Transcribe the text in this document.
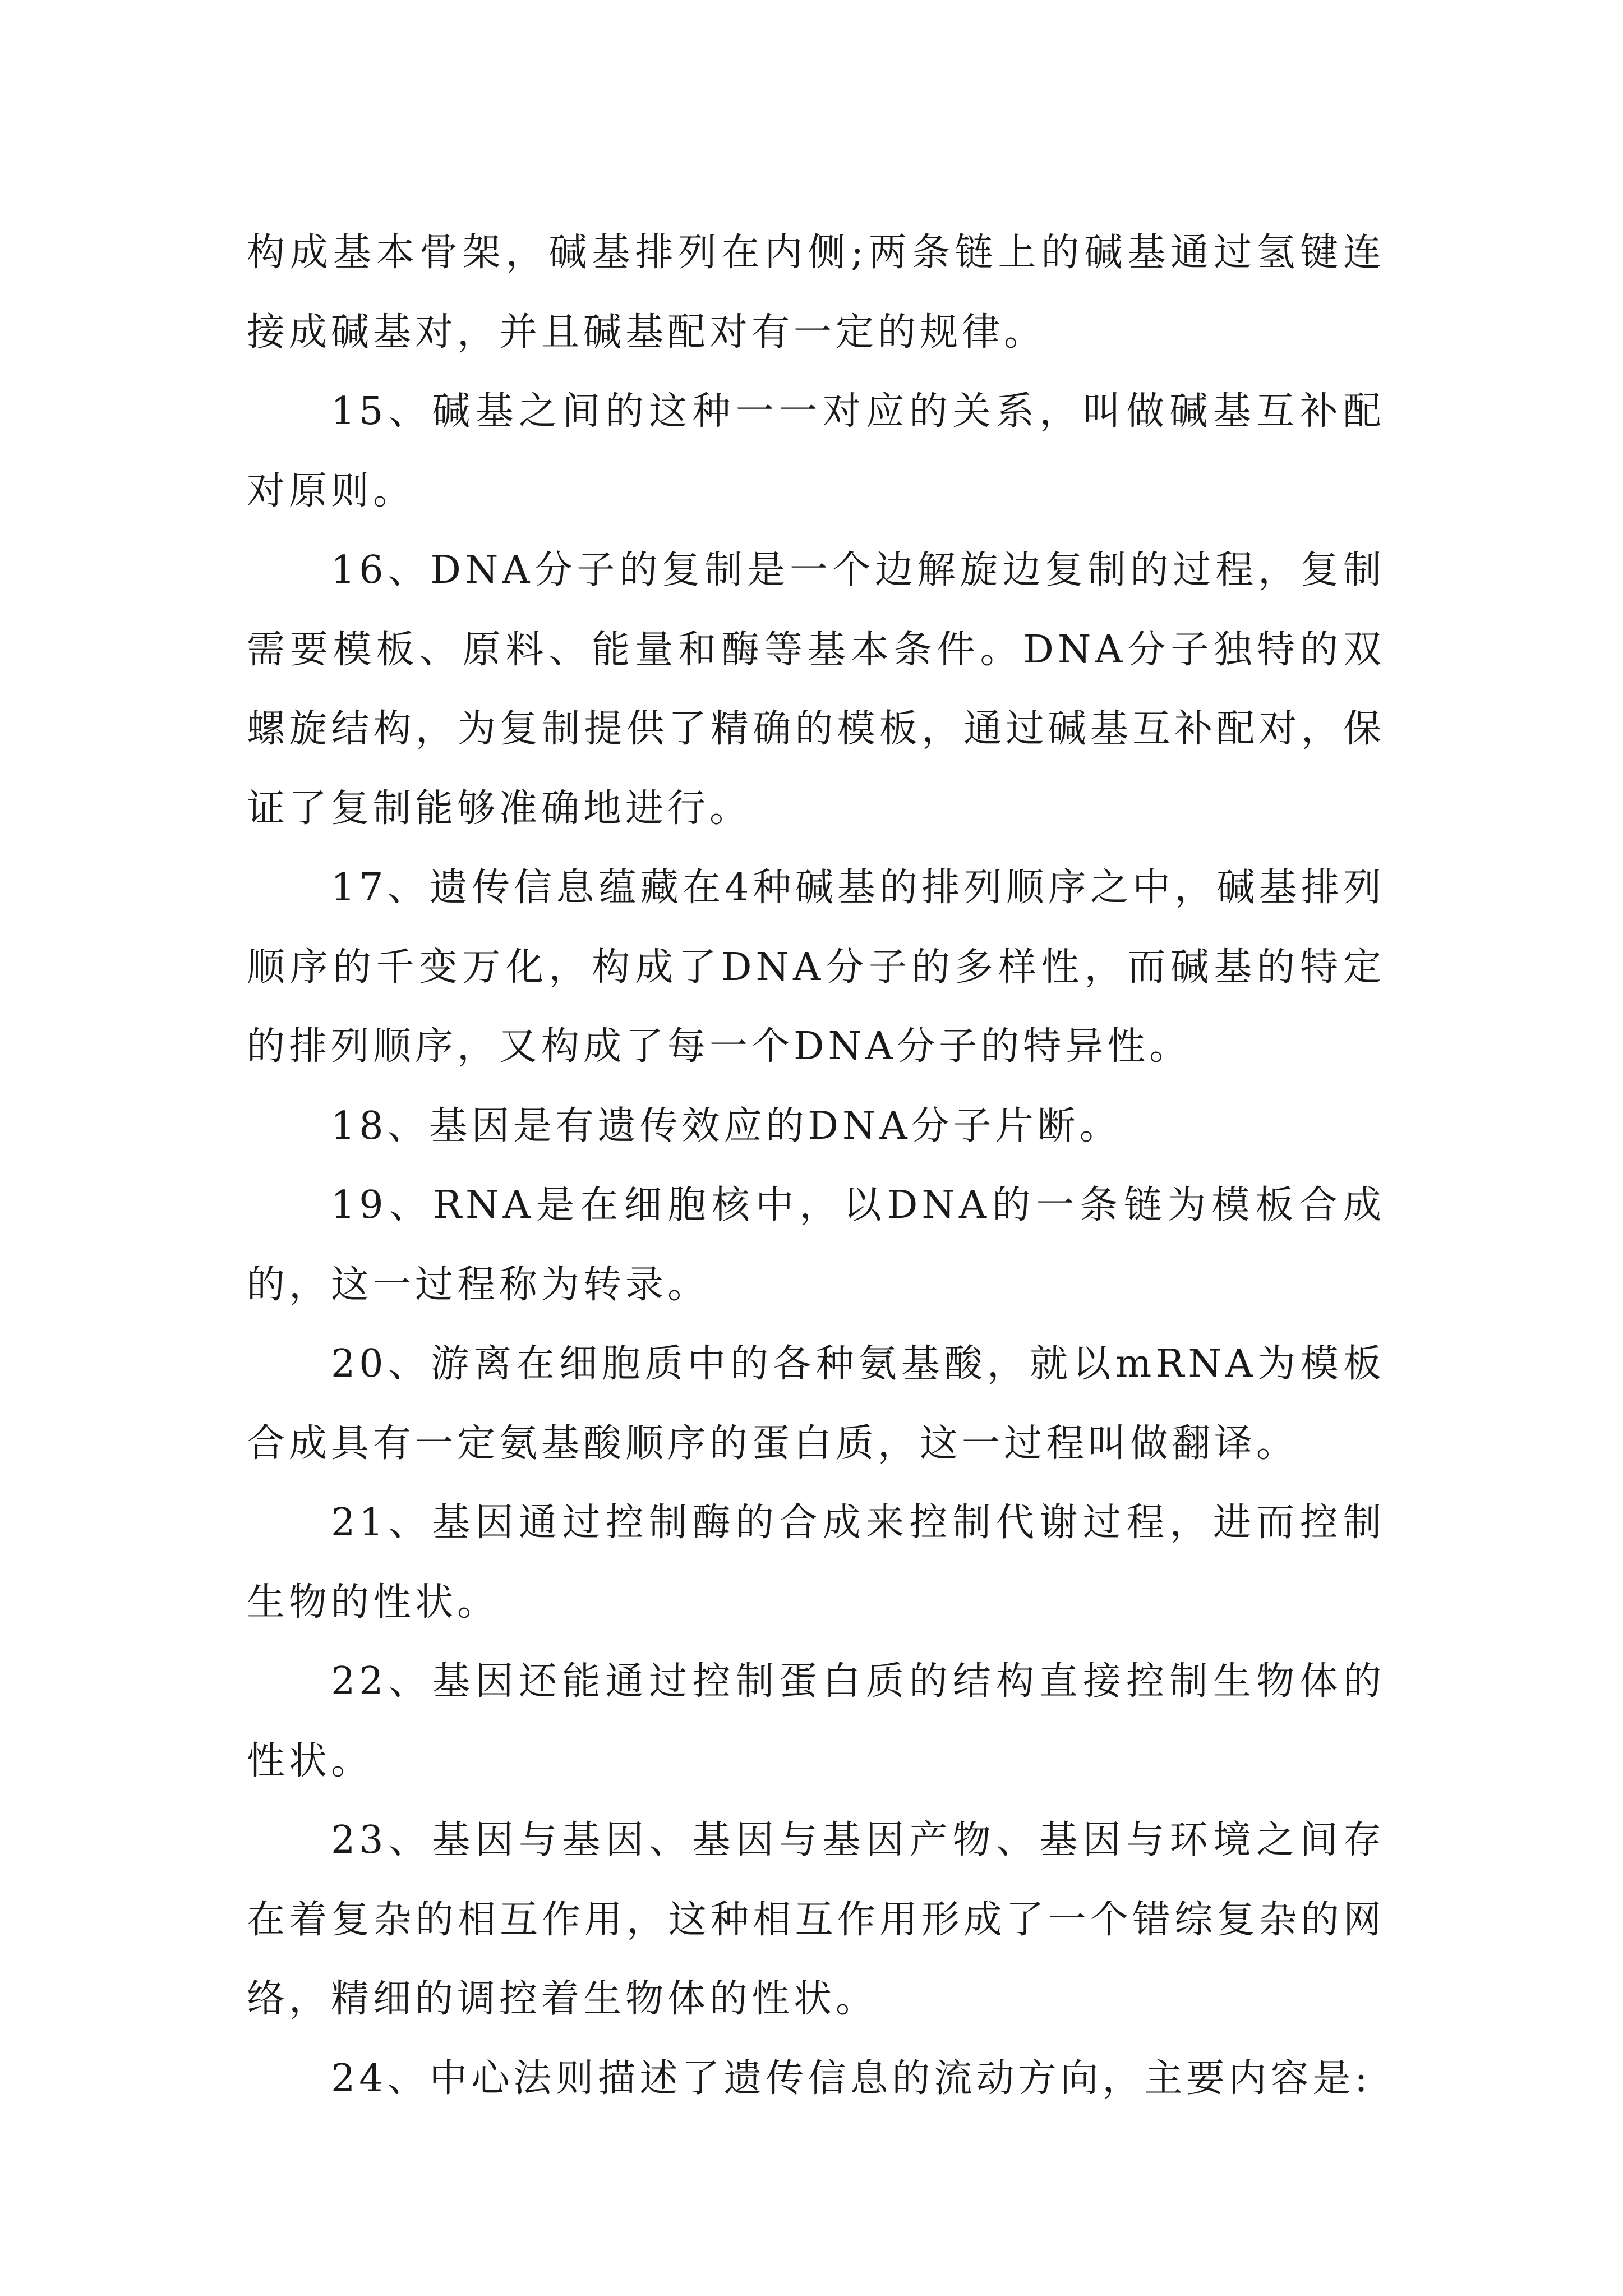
构成基本骨架，碱基排列在内侧;两条链上的碱基通过氢键连接成碱基对，并且碱基配对有一定的规律。

15、碱基之间的这种一一对应的关系，叫做碱基互补配对原则。

16、DNA分子的复制是一个边解旋边复制的过程，复制需要模板、原料、能量和酶等基本条件。DNA分子独特的双螺旋结构，为复制提供了精确的模板，通过碱基互补配对，保证了复制能够准确地进行。

17、遗传信息蕴藏在4种碱基的排列顺序之中，碱基排列顺序的千变万化，构成了DNA分子的多样性，而碱基的特定的排列顺序，又构成了每一个DNA分子的特异性。

18、基因是有遗传效应的DNA分子片断。

19、RNA是在细胞核中，以DNA的一条链为模板合成的，这一过程称为转录。

20、游离在细胞质中的各种氨基酸，就以mRNA为模板合成具有一定氨基酸顺序的蛋白质，这一过程叫做翻译。

21、基因通过控制酶的合成来控制代谢过程，进而控制生物的性状。

22、基因还能通过控制蛋白质的结构直接控制生物体的性状。

23、基因与基因、基因与基因产物、基因与环境之间存在着复杂的相互作用，这种相互作用形成了一个错综复杂的网络，精细的调控着生物体的性状。

24、中心法则描述了遗传信息的流动方向，主要内容是:
